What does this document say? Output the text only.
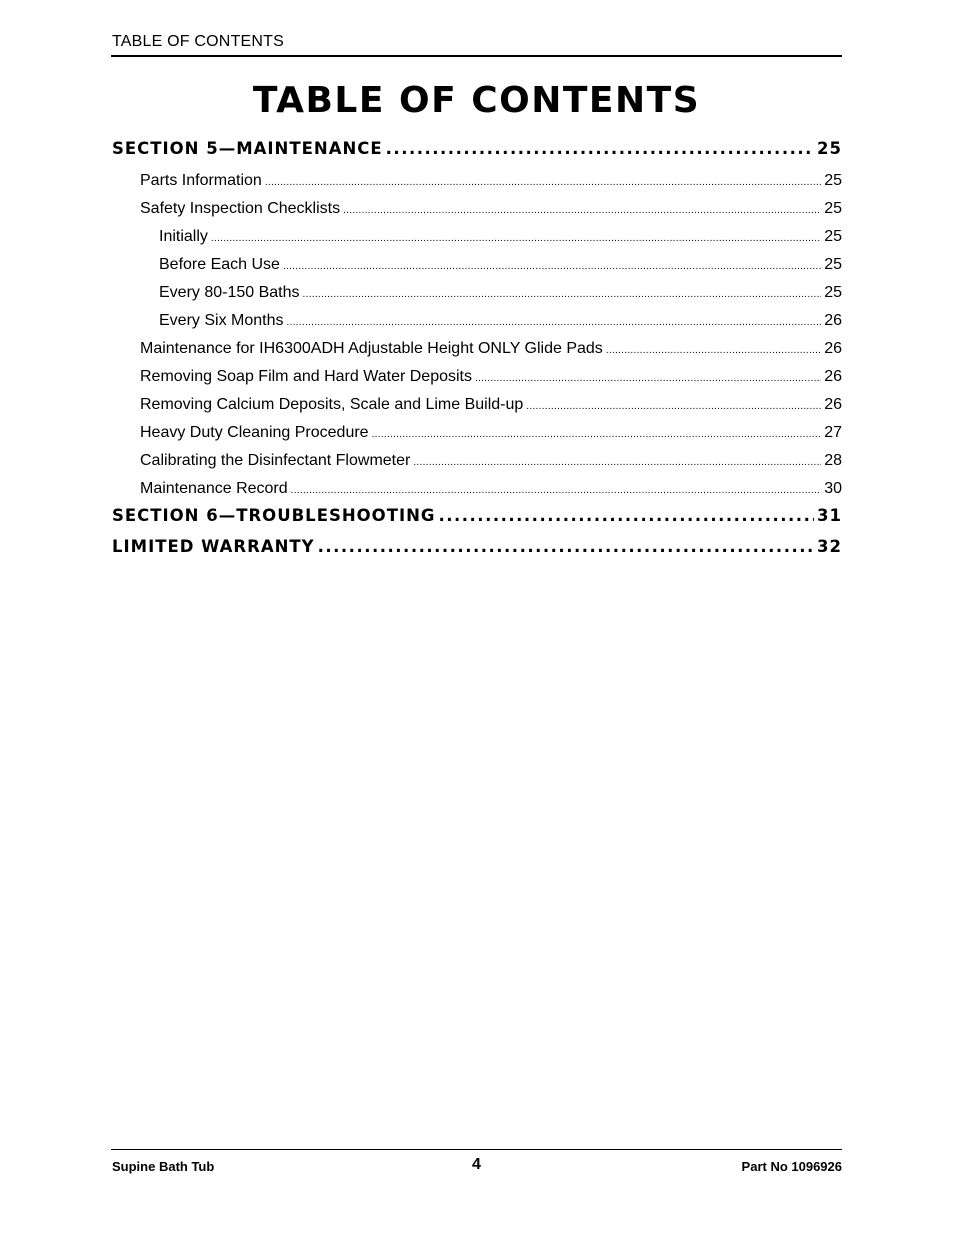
TABLE OF CONTENTS
TABLE OF CONTENTS
SECTION 5—MAINTENANCE .....	25
Parts Information .....	25
Safety Inspection Checklists .....	25
Initially .....	25
Before Each Use .....	25
Every 80-150 Baths .....	25
Every Six Months .....	26
Maintenance for IH6300ADH Adjustable Height ONLY Glide Pads .....	26
Removing Soap Film and Hard Water Deposits .....	26
Removing Calcium Deposits, Scale and Lime Build-up .....	26
Heavy Duty Cleaning Procedure .....	27
Calibrating the Disinfectant Flowmeter .....	28
Maintenance Record .....	30
SECTION 6—TROUBLESHOOTING .....	31
LIMITED WARRANTY .....	32
Supine Bath Tub	4	Part No 1096926
